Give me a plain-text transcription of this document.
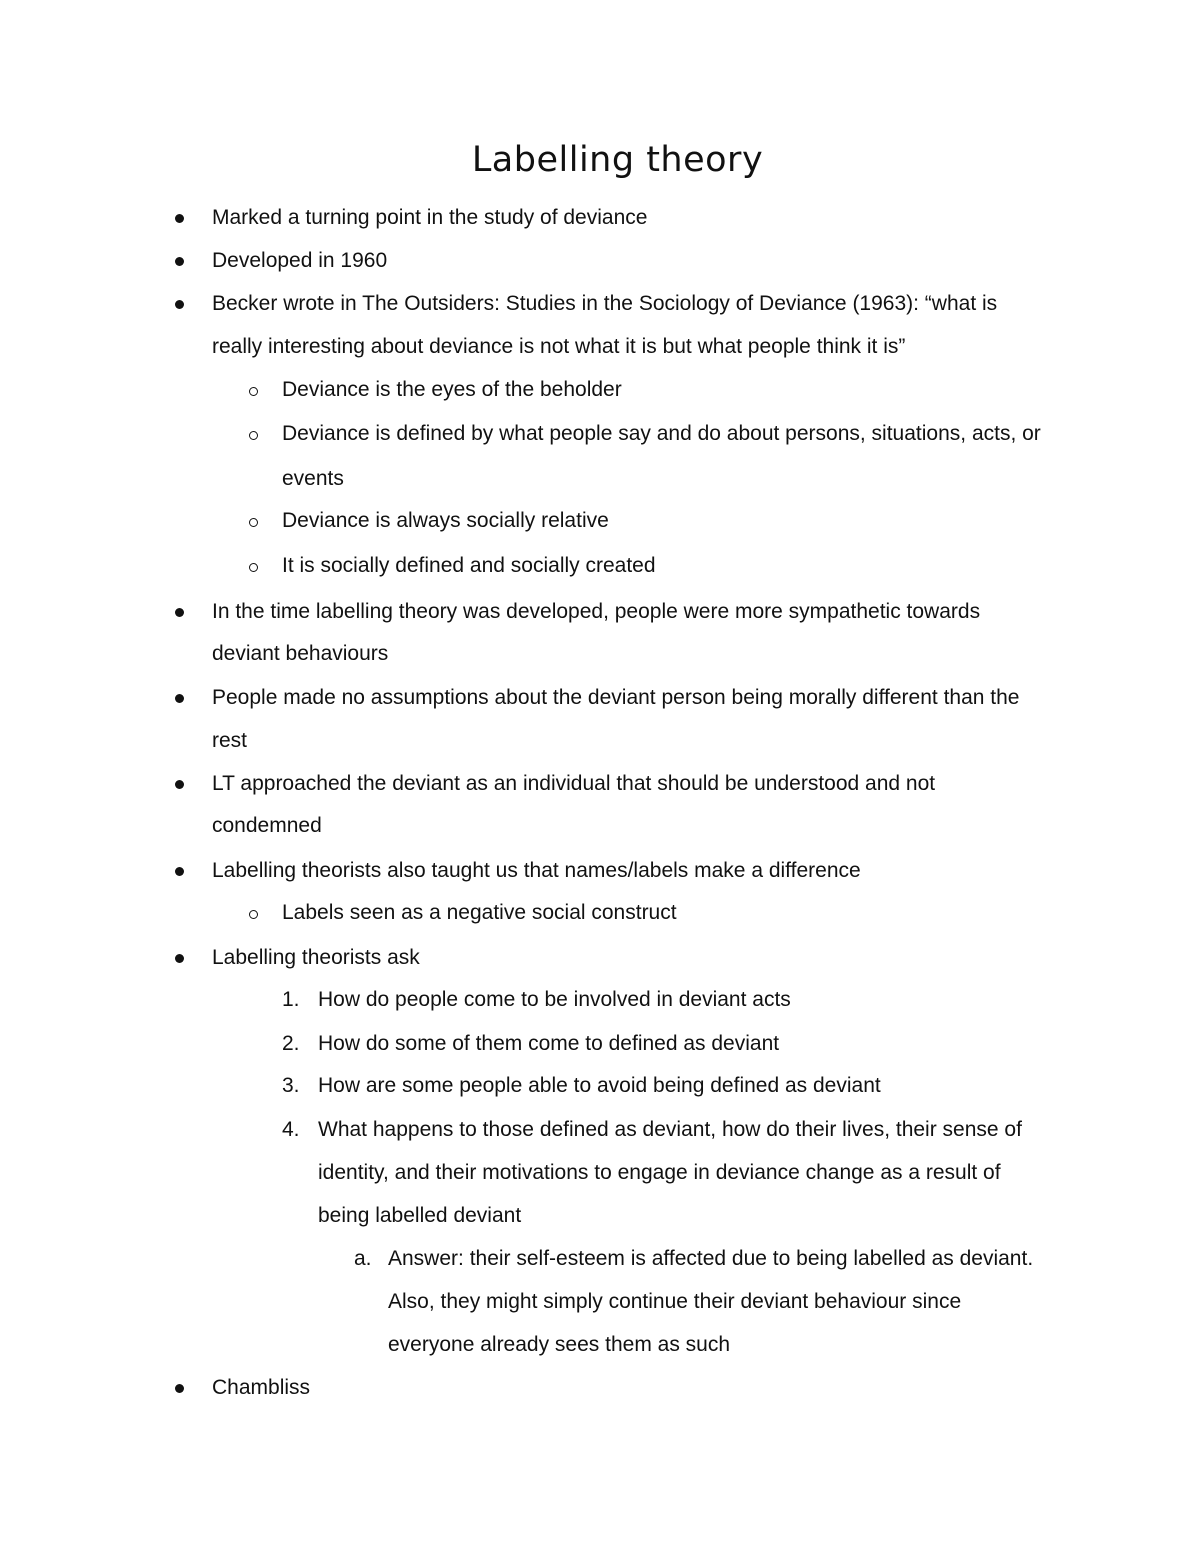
Labelling theory
Marked a turning point in the study of deviance
Developed in 1960
Becker wrote in The Outsiders: Studies in the Sociology of Deviance (1963): “what is
really interesting about deviance is not what it is but what people think it is”
Deviance is the eyes of the beholder
Deviance is defined by what people say and do about persons, situations, acts, or
events
Deviance is always socially relative
It is socially defined and socially created
In the time labelling theory was developed, people were more sympathetic towards
deviant behaviours
People made no assumptions about the deviant person being morally different than the
rest
LT approached the deviant as an individual that should be understood and not
condemned
Labelling theorists also taught us that names/labels make a difference
Labels seen as a negative social construct
Labelling theorists ask
1. How do people come to be involved in deviant acts
2. How do some of them come to defined as deviant
3. How are some people able to avoid being defined as deviant
4. What happens to those defined as deviant, how do their lives, their sense of
identity, and their motivations to engage in deviance change as a result of
being labelled deviant
a. Answer: their self-esteem is affected due to being labelled as deviant.
Also, they might simply continue their deviant behaviour since
everyone already sees them as such
Chambliss
